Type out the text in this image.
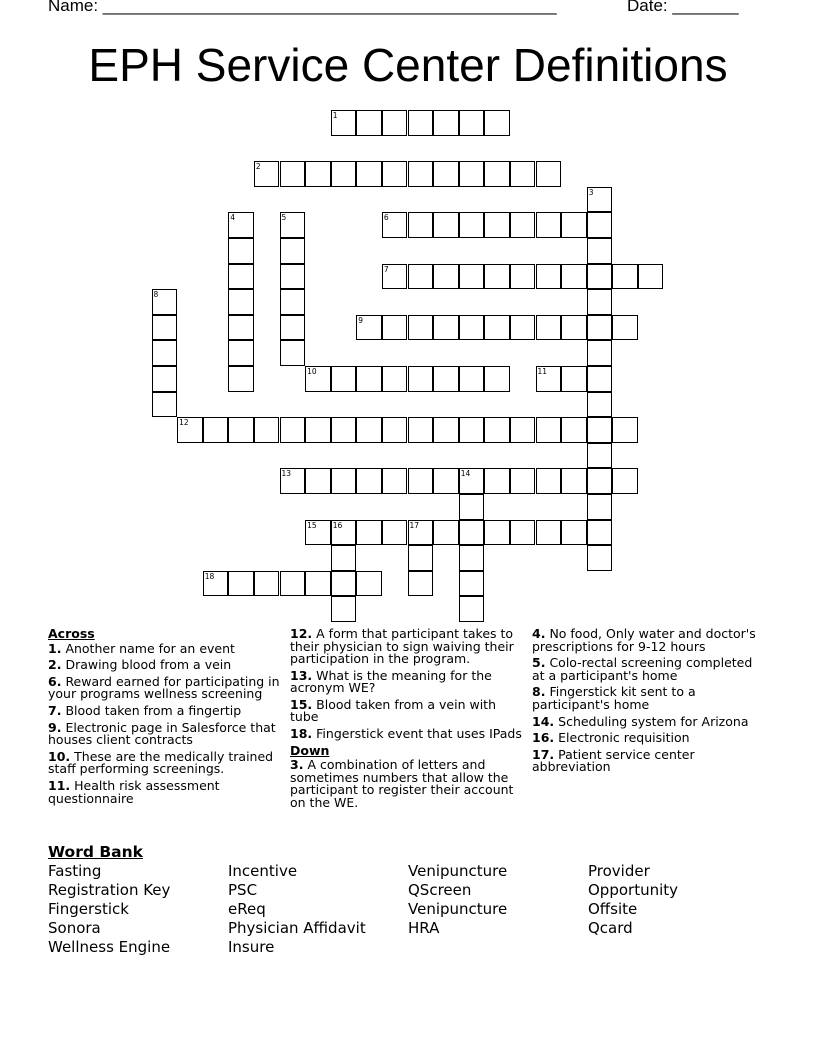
Name: ________________________________________________	Date: _______
EPH Service Center Definitions
1
2
3
4	5	6
7
8
9
10	11
12
13	14
15 16	17
18
Across
1. Another name for an event
2. Drawing blood from a vein
6. Reward earned for participating in your programs wellness screening
7. Blood taken from a fingertip
9. Electronic page in Salesforce that houses client contracts
10. These are the medically trained staff performing screenings.
11. Health risk assessment questionnaire
12. A form that participant takes to their physician to sign waiving their participation in the program.
13. What is the meaning for the acronym WE?
15. Blood taken from a vein with tube
18. Fingerstick event that uses IPads
Down
3. A combination of letters and sometimes numbers that allow the participant to register their account on the WE.
4. No food, Only water and doctor's prescriptions for 9-12 hours
5. Colo-rectal screening completed at a participant's home
8. Fingerstick kit sent to a participant's home
14. Scheduling system for Arizona
16. Electronic requisition
17. Patient service center abbreviation
Word Bank
Fasting
Registration Key
Fingerstick
Sonora
Wellness Engine
Incentive
PSC
eReq
Physician Affidavit
Insure
Venipuncture
QScreen
Venipuncture
HRA
Provider
Opportunity
Offsite
Qcard
